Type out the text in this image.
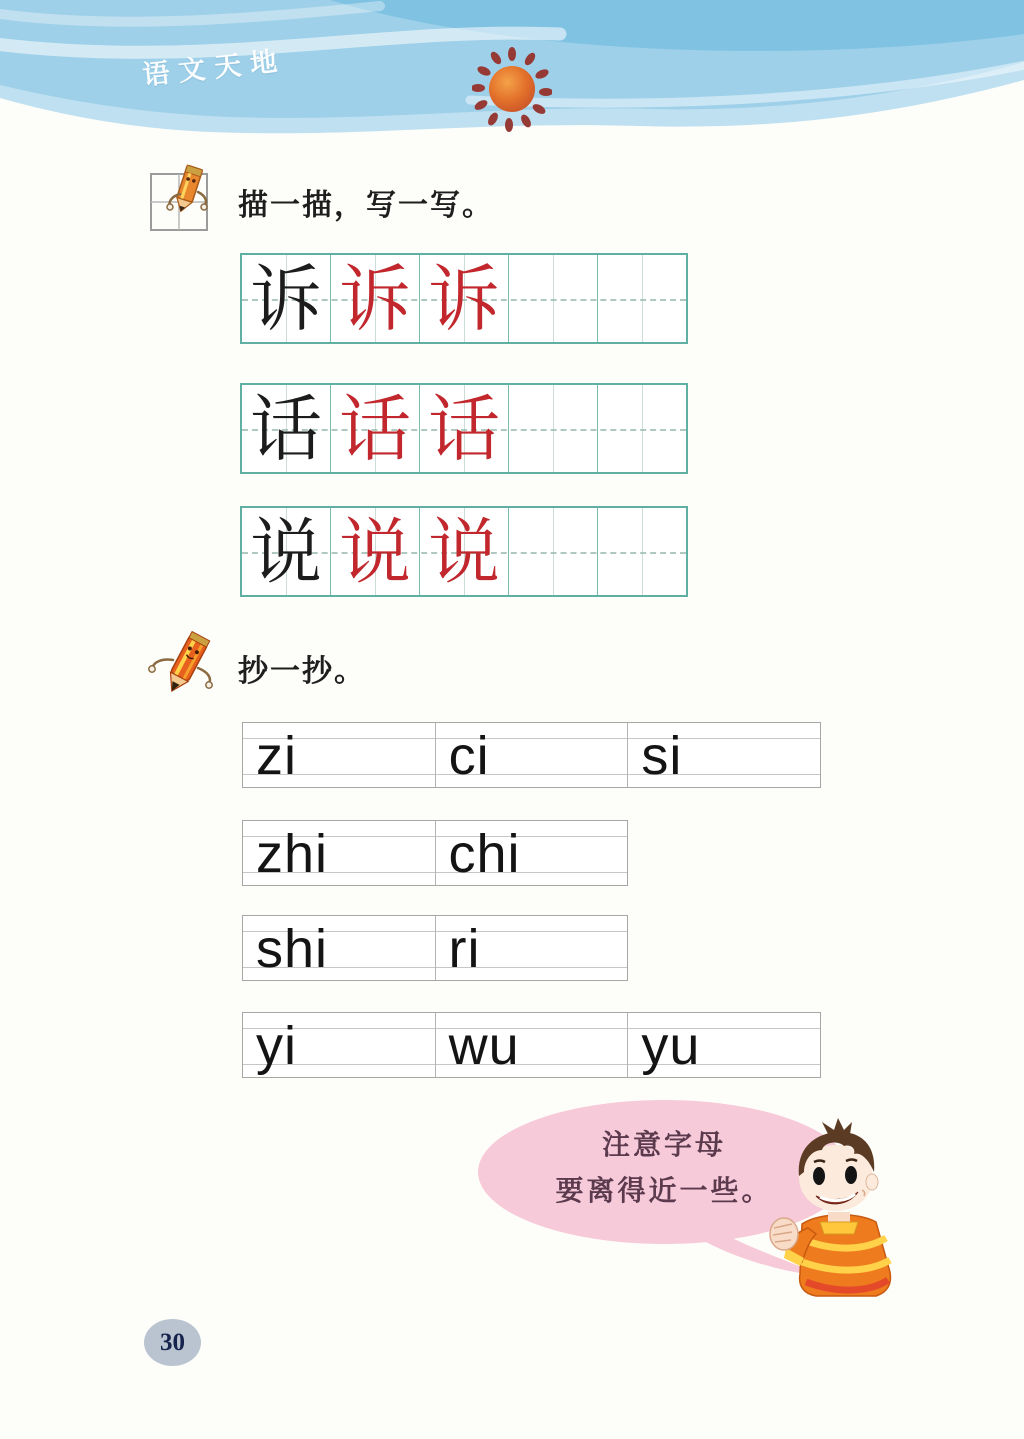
语文天地
描一描，写一写。
诉 诉 诉
话 话 话
说 说 说
抄一抄。
zi	ci	si
zhi	chi
shi	ri
yi	wu	yu
注意字母
要离得近一些。
30
